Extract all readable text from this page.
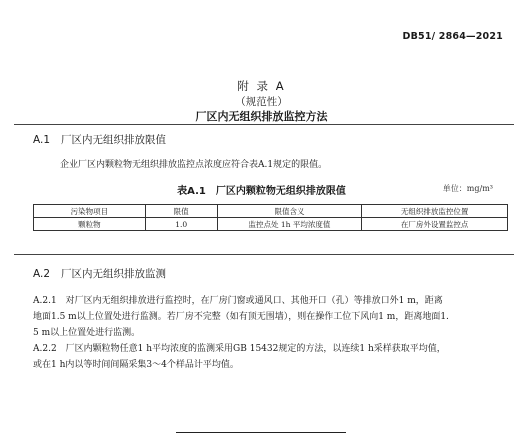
DB51/ 2864—2021
附 录 A
（规范性）
厂区内无组织排放监控方法
A.1 厂区内无组织排放限值
企业厂区内颗粒物无组织排放监控点浓度应符合表A.1规定的限值。
表A.1　厂区内颗粒物无组织排放限值	单位：mg/m³
污染物项目	限值	限值含义	无组织排放监控位置
颗粒物	1.0	监控点处 1h 平均浓度值	在厂房外设置监控点
A.2 厂区内无组织排放监测
A.2.1　对厂区内无组织排放进行监控时，在厂房门窗或通风口、其他开口（孔）等排放口外1 m，距离
地面1.5 m以上位置处进行监测。若厂房不完整（如有顶无围墙），则在操作工位下风向1 m，距离地面1.
5 m以上位置处进行监测。
A.2.2　厂区内颗粒物任意1 h平均浓度的监测采用GB 15432规定的方法，以连续1 h采样获取平均值，
或在1 h内以等时间间隔采集3～4个样品计平均值。
